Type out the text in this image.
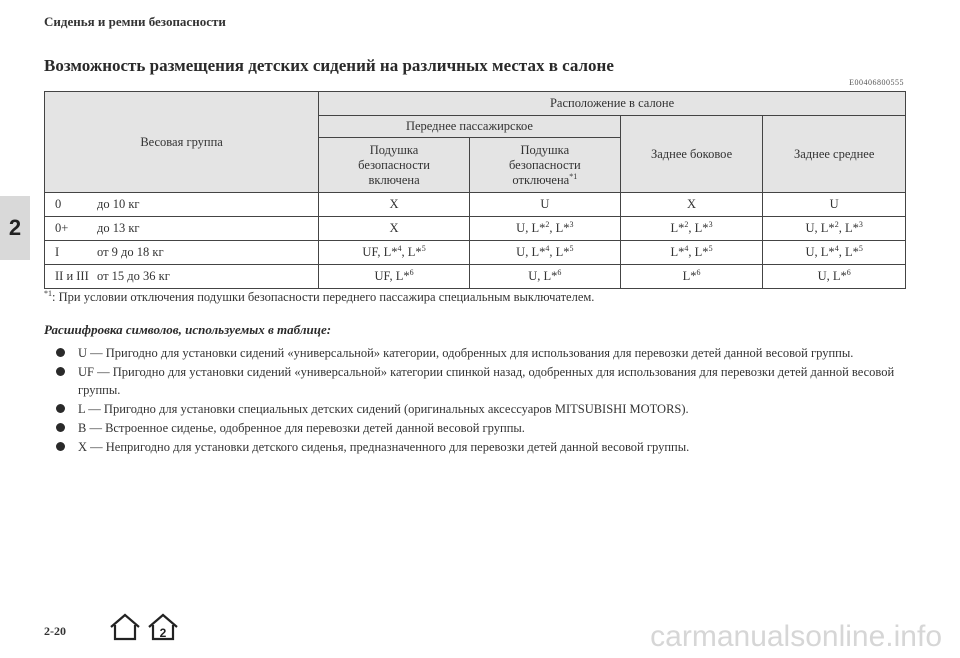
Сиденья и ремни безопасности
Возможность размещения детских сидений на различных местах в салоне
E00406800555
2
Весовая группа	Расположение в салоне			
	Переднее пассажирское		Заднее боковое	Заднее среднее

	Подушка безопасности включена	Подушка безопасности отключена$^{*1}$

0 до 10 кг	X	U	X	U
0+ до 13 кг	X	U, L*$^2$, L*$^3$	L*$^2$, L*$^3$	U, L*$^2$, L*$^3$
I от 9 до 18 кг	UF, L*$^4$, L*$^5$	U, L*$^4$, L*$^5$	L*$^4$, L*$^5$	U, L*$^4$, L*$^5$
II и III от 15 до 36 кг	UF, L*$^6$	U, L*$^6$	L*$^6$	U, L*$^6$
$^{*1}$: При условии отключения подушки безопасности переднего пассажира специальным выключателем.
Расшифровка символов, используемых в таблице:
U — Пригодно для установки сидений «универсальной» категории, одобренных для использования для перевозки детей данной весовой группы.
UF — Пригодно для установки сидений «универсальной» категории спинкой назад, одобренных для использования для перевозки детей данной весовой группы.
L — Пригодно для установки специальных детских сидений (оригинальных аксессуаров MITSUBISHI MOTORS).
B — Встроенное сиденье, одобренное для перевозки детей данной весовой группы.
X — Непригодно для установки детского сиденья, предназначенного для перевозки детей данной весовой группы.
2-20	2	carmanualsonline.info
